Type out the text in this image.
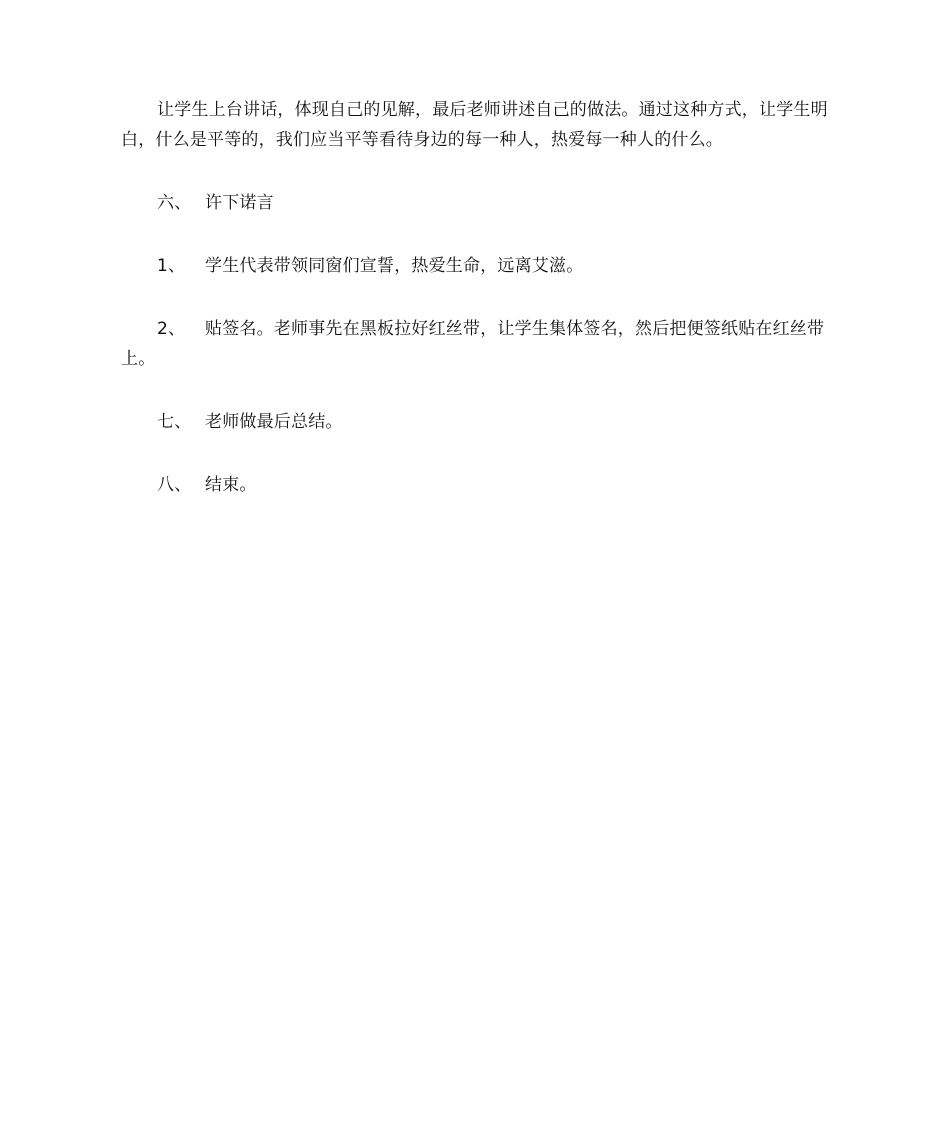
让学生上台讲话，体现自己的见解，最后老师讲述自己的做法。通过这种方式，让学生明白，什么是平等的，我们应当平等看待身边的每一种人，热爱每一种人的什么。

六、 许下诺言

1、 学生代表带领同窗们宣誓，热爱生命，远离艾滋。

2、 贴签名。老师事先在黑板拉好红丝带，让学生集体签名，然后把便签纸贴在红丝带上。

七、 老师做最后总结。

八、 结束。
